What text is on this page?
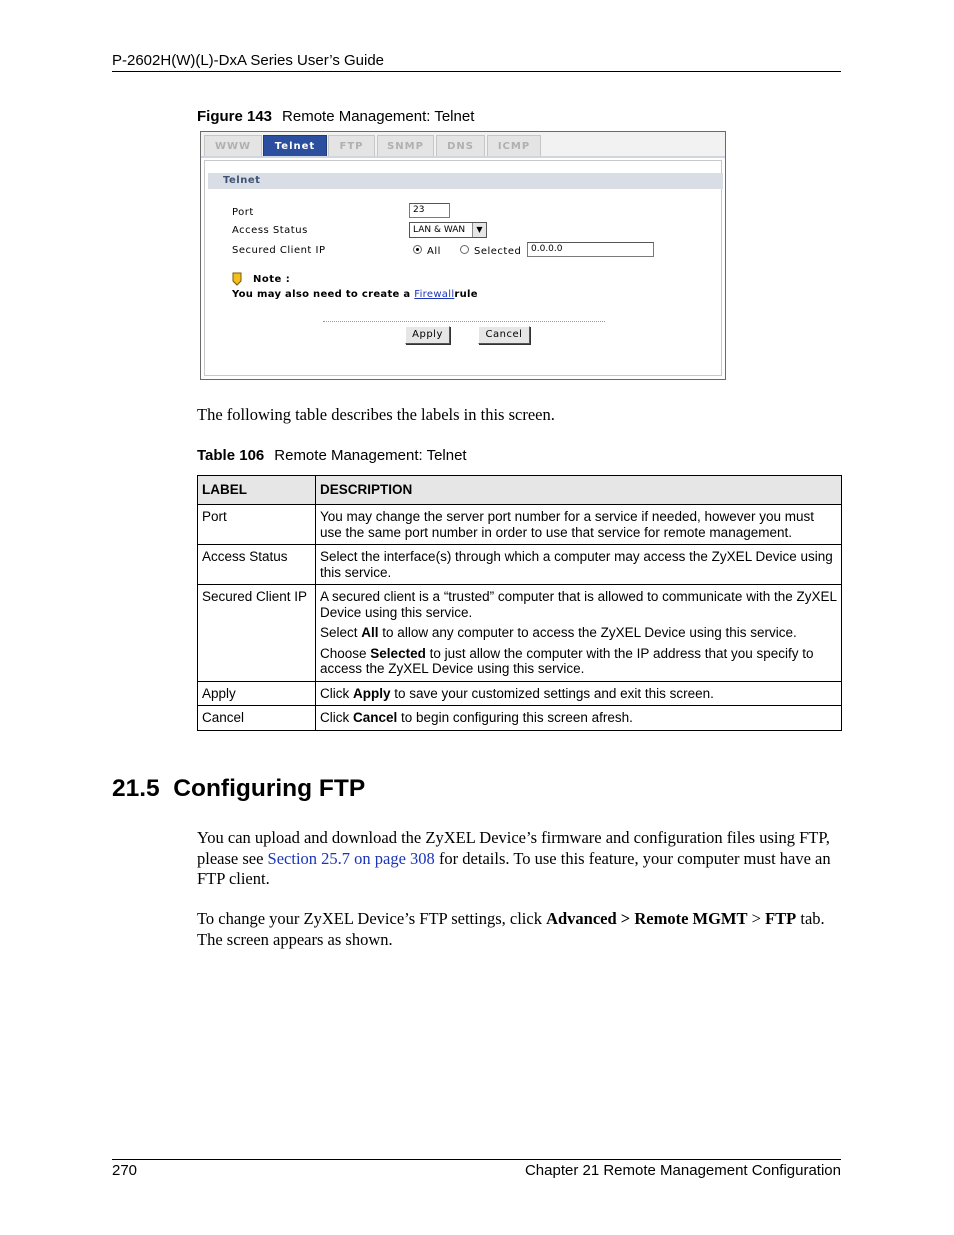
P-2602H(W)(L)-DxA Series User’s Guide
Figure 143 Remote Management: Telnet
WWW	Telnet	FTP	SNMP	DNS	ICMP
Telnet
Port	23
Access Status	LAN & WAN	▼
Secured Client IP	All	Selected	0.0.0.0
Note :
You may also need to create a Firewallrule
Apply	Cancel
The following table describes the labels in this screen.
Table 106 Remote Management: Telnet
LABEL	DESCRIPTION
Port	You may change the server port number for a service if needed, however you must use the same port number in order to use that service for remote management.
Access Status	Select the interface(s) through which a computer may access the ZyXEL Device using this service.
Secured Client IP	A secured client is a “trusted” computer that is allowed to communicate with the ZyXEL Device using this service.

Select All to allow any computer to access the ZyXEL Device using this service.

Choose Selected to just allow the computer with the IP address that you specify to access the ZyXEL Device using this service.

Apply	Click Apply to save your customized settings and exit this screen.
Cancel	Click Cancel to begin configuring this screen afresh.
21.5  Configuring FTP

You can upload and download the ZyXEL Device’s firmware and configuration files using FTP, please see Section 25.7 on page 308 for details. To use this feature, your computer must have an FTP client.

To change your ZyXEL Device’s FTP settings, click Advanced > Remote MGMT > FTP tab. The screen appears as shown.

270	Chapter 21 Remote Management Configuration
